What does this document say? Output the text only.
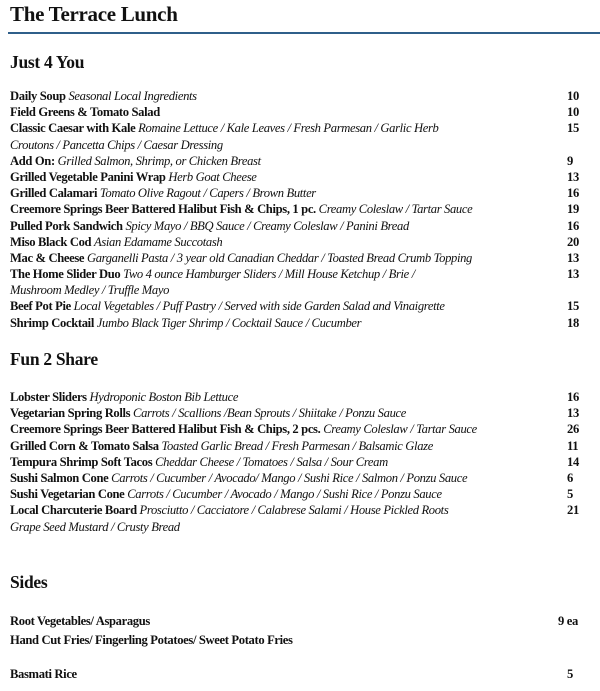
The Terrace Lunch
Just 4 You
Daily Soup Seasonal Local Ingredients	10
Field Greens & Tomato Salad	10
Classic Caesar with Kale Romaine Lettuce / Kale Leaves / Fresh Parmesan / Garlic Herb	15
Croutons / Pancetta Chips / Caesar Dressing
Add On: Grilled Salmon, Shrimp, or Chicken Breast	9
Grilled Vegetable Panini Wrap Herb Goat Cheese	13
Grilled Calamari Tomato Olive Ragout / Capers / Brown Butter	16
Creemore Springs Beer Battered Halibut Fish & Chips, 1 pc. Creamy Coleslaw / Tartar Sauce	19
Pulled Pork Sandwich Spicy Mayo / BBQ Sauce / Creamy Coleslaw / Panini Bread	16
Miso Black Cod Asian Edamame Succotash	20
Mac & Cheese Garganelli Pasta / 3 year old Canadian Cheddar / Toasted Bread Crumb Topping	13
The Home Slider Duo Two 4 ounce Hamburger Sliders / Mill House Ketchup / Brie /	13
Mushroom Medley / Truffle Mayo
Beef Pot Pie Local Vegetables / Puff Pastry / Served with side Garden Salad and Vinaigrette	15
Shrimp Cocktail Jumbo Black Tiger Shrimp / Cocktail Sauce / Cucumber	18
Fun 2 Share
Lobster Sliders Hydroponic Boston Bib Lettuce	16
Vegetarian Spring Rolls Carrots / Scallions /Bean Sprouts / Shiitake / Ponzu Sauce	13
Creemore Springs Beer Battered Halibut Fish & Chips, 2 pcs. Creamy Coleslaw / Tartar Sauce	26
Grilled Corn & Tomato Salsa Toasted Garlic Bread / Fresh Parmesan / Balsamic Glaze	11
Tempura Shrimp Soft Tacos Cheddar Cheese / Tomatoes / Salsa / Sour Cream	14
Sushi Salmon Cone Carrots / Cucumber / Avocado/ Mango / Sushi Rice / Salmon / Ponzu Sauce	6
Sushi Vegetarian Cone Carrots / Cucumber / Avocado / Mango / Sushi Rice / Ponzu Sauce	5
Local Charcuterie Board Prosciutto / Cacciatore / Calabrese Salami / House Pickled Roots	21
Grape Seed Mustard / Crusty Bread
Sides
Root Vegetables/ Asparagus	9 ea
Hand Cut Fries/ Fingerling Potatoes/ Sweet Potato Fries
Basmati Rice	5
